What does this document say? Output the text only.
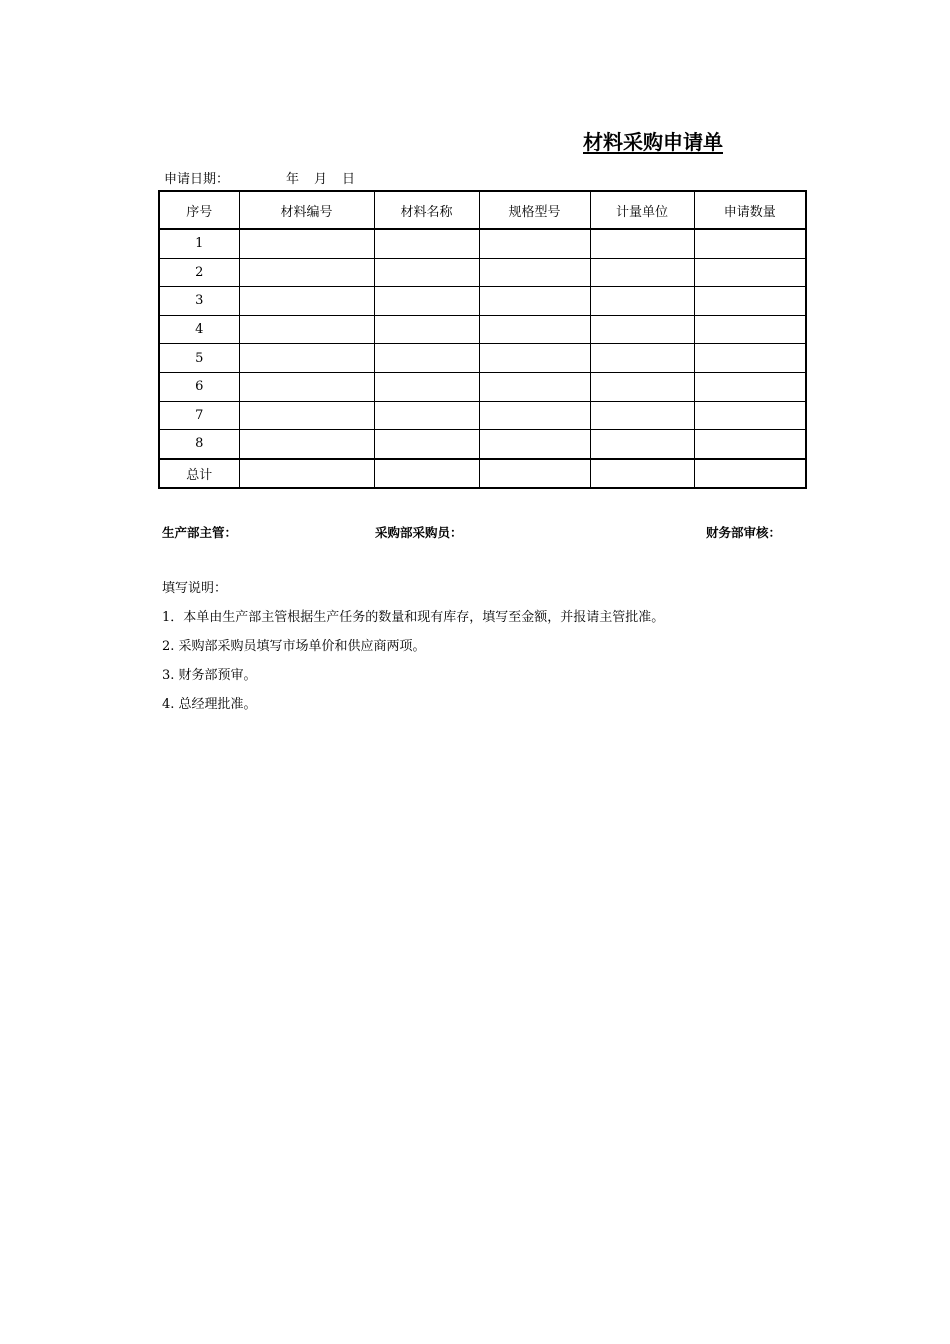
材料采购申请单
申请日期：	年 月 日
序号	材料编号	材料名称	规格型号	计量单位	申请数量
1					
2					
3					
4					
5					
6					
7					
8					
总计					
生产部主管：	采购部采购员：	财务部审核：
填写说明：
1．本单由生产部主管根据生产任务的数量和现有库存，填写至金额，并报请主管批准。
2. 采购部采购员填写市场单价和供应商两项。
3. 财务部预审。
4. 总经理批准。
